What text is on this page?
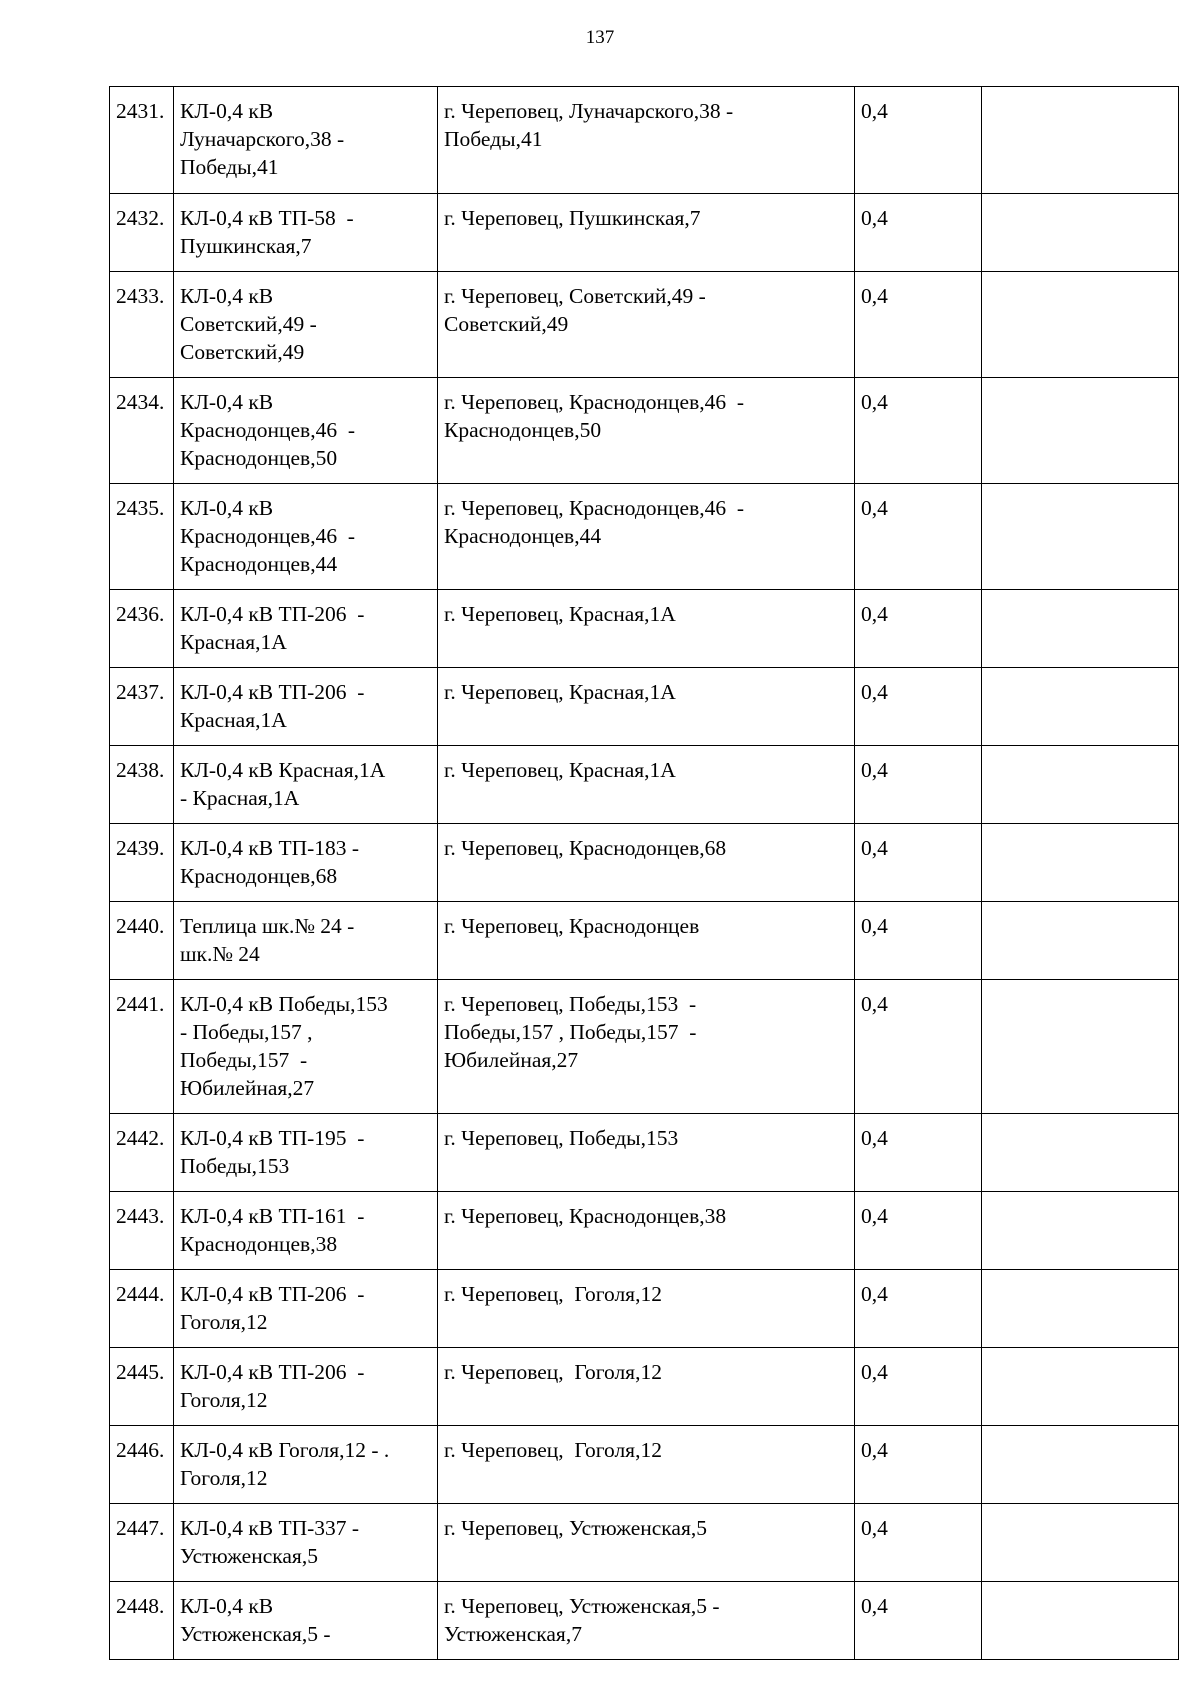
137
2431.	КЛ-0,4 кВ
Луначарского,38 -
Победы,41	г. Череповец, Луначарского,38 -
Победы,41	0,4	
2432.	КЛ-0,4 кВ ТП-58  -
Пушкинская,7	г. Череповец, Пушкинская,7	0,4	
2433.	КЛ-0,4 кВ
Советский,49 -
Советский,49	г. Череповец, Советский,49 -
Советский,49	0,4	
2434.	КЛ-0,4 кВ
Краснодонцев,46  -
Краснодонцев,50	г. Череповец, Краснодонцев,46  -
Краснодонцев,50	0,4	
2435.	КЛ-0,4 кВ
Краснодонцев,46  -
Краснодонцев,44	г. Череповец, Краснодонцев,46  -
Краснодонцев,44	0,4	
2436.	КЛ-0,4 кВ ТП-206  -
Красная,1А	г. Череповец, Красная,1А	0,4	
2437.	КЛ-0,4 кВ ТП-206  -
Красная,1А	г. Череповец, Красная,1А	0,4	
2438.	КЛ-0,4 кВ Красная,1А
- Красная,1А	г. Череповец, Красная,1А	0,4	
2439.	КЛ-0,4 кВ ТП-183 -
Краснодонцев,68	г. Череповец, Краснодонцев,68	0,4	
2440.	Теплица шк.№ 24 -
шк.№ 24	г. Череповец, Краснодонцев	0,4	
2441.	КЛ-0,4 кВ Победы,153
- Победы,157 ,
Победы,157  -
Юбилейная,27	г. Череповец, Победы,153  -
Победы,157 , Победы,157  -
Юбилейная,27	0,4	
2442.	КЛ-0,4 кВ ТП-195  -
Победы,153	г. Череповец, Победы,153	0,4	
2443.	КЛ-0,4 кВ ТП-161  -
Краснодонцев,38	г. Череповец, Краснодонцев,38	0,4	
2444.	КЛ-0,4 кВ ТП-206  -
Гоголя,12	г. Череповец,  Гоголя,12	0,4	
2445.	КЛ-0,4 кВ ТП-206  -
Гоголя,12	г. Череповец,  Гоголя,12	0,4	
2446.	КЛ-0,4 кВ Гоголя,12 - .
Гоголя,12	г. Череповец,  Гоголя,12	0,4	
2447.	КЛ-0,4 кВ ТП-337 -
Устюженская,5	г. Череповец, Устюженская,5	0,4	
2448.	КЛ-0,4 кВ
Устюженская,5 -	г. Череповец, Устюженская,5 -
Устюженская,7	0,4	
